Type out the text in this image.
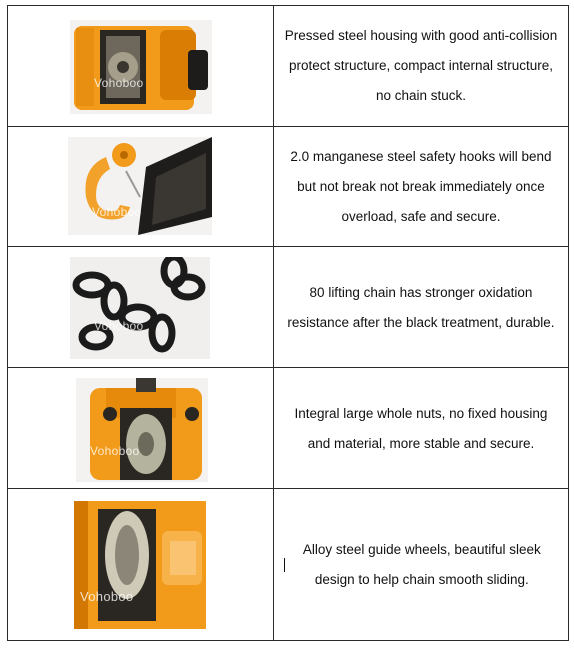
Vohoboo
Pressed steel housing with good anti-collision protect structure, compact internal structure, no chain stuck.
Vohoboo
2.0 manganese steel safety hooks will bend but not break not break immediately once overload, safe and secure.
Vohoboo
80 lifting chain has stronger oxidation resistance after the black treatment, durable.
Vohoboo
Integral large whole nuts, no fixed housing and material, more stable and secure.
Vohoboo
Alloy steel guide wheels, beautiful sleek design to help chain smooth sliding.
